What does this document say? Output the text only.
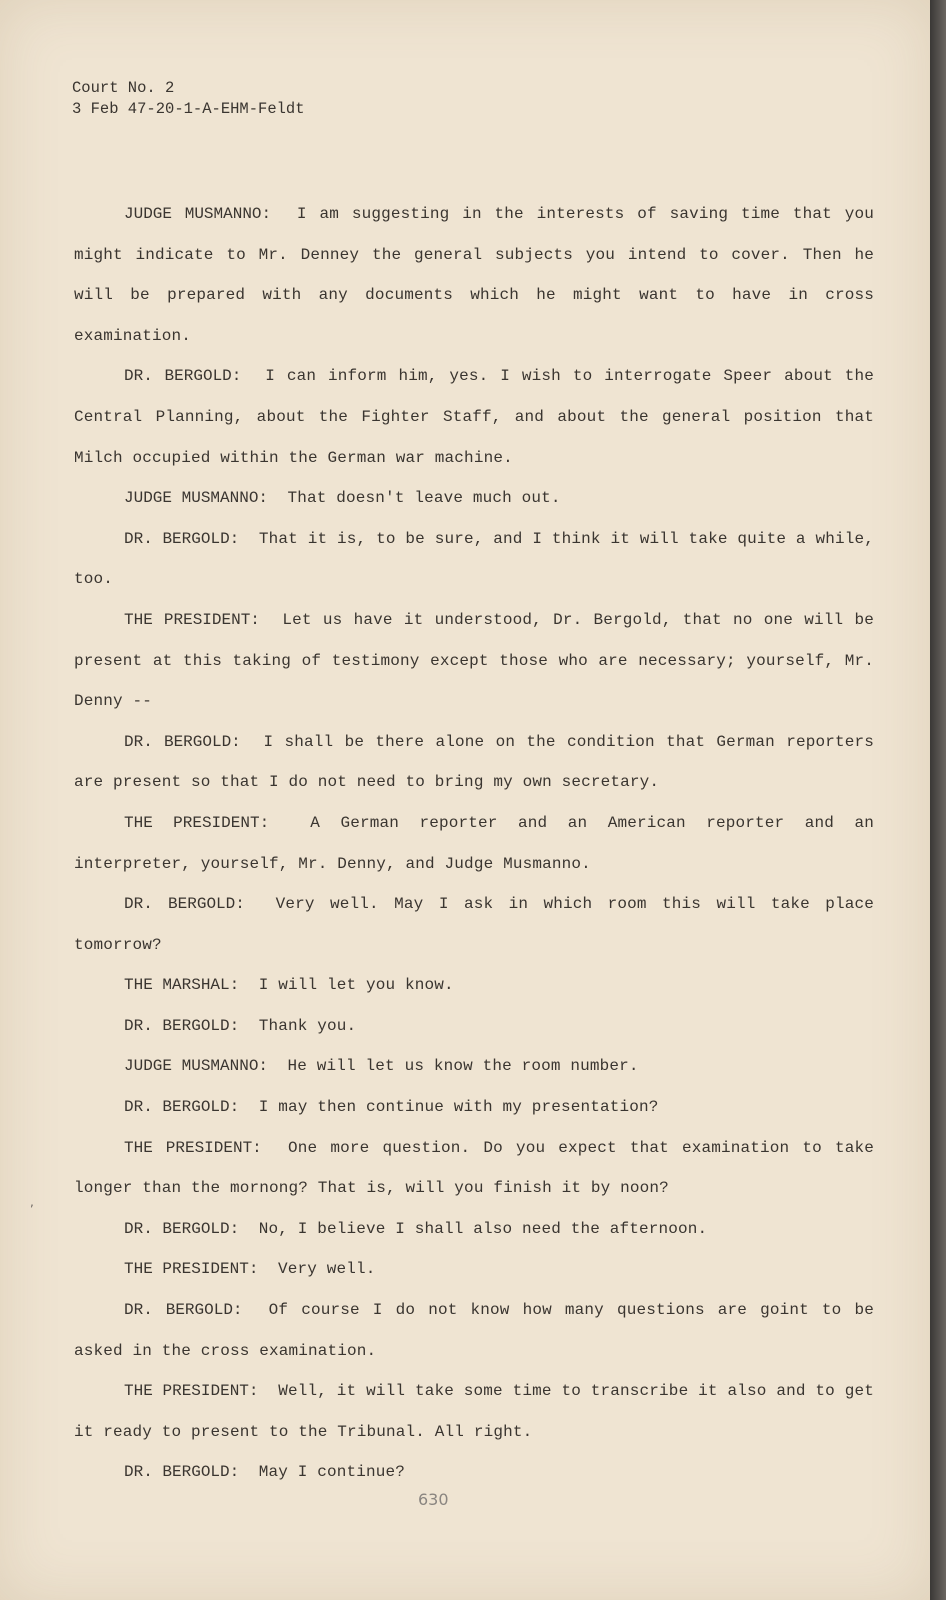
Court No. 2
3 Feb 47-20-1-A-EHM-Feldt

JUDGE MUSMANNO: I am suggesting in the interests of saving time that you might indicate to Mr. Denney the general subjects you intend to cover. Then he will be prepared with any documents which he might want to have in cross examination.

DR. BERGOLD: I can inform him, yes. I wish to interrogate Speer about the Central Planning, about the Fighter Staff, and about the general position that Milch occupied within the German war machine.

JUDGE MUSMANNO: That doesn't leave much out.

DR. BERGOLD: That it is, to be sure, and I think it will take quite a while, too.

THE PRESIDENT: Let us have it understood, Dr. Bergold, that no one will be present at this taking of testimony except those who are necessary; yourself, Mr. Denny --

DR. BERGOLD: I shall be there alone on the condition that German reporters are present so that I do not need to bring my own secretary.

THE PRESIDENT:	A German reporter and an American reporter and an interpreter, yourself, Mr. Denny, and Judge Musmanno.

DR. BERGOLD: Very well. May I ask in which room this will take place tomorrow?

THE MARSHAL: I will let you know.

DR. BERGOLD: Thank you.

JUDGE MUSMANNO: He will let us know the room number.

DR. BERGOLD: I may then continue with my presentation?

THE PRESIDENT: One more question. Do you expect that examination to take longer than the mornong? That is, will you finish it by noon?

DR. BERGOLD: No, I believe I shall also need the afternoon.

THE PRESIDENT: Very well.

DR. BERGOLD: Of course I do not know how many questions are goint to be asked in the cross examination.

THE PRESIDENT: Well, it will take some time to transcribe it also and to get it ready to present to the Tribunal. All right.

DR. BERGOLD: May I continue?

,
630
